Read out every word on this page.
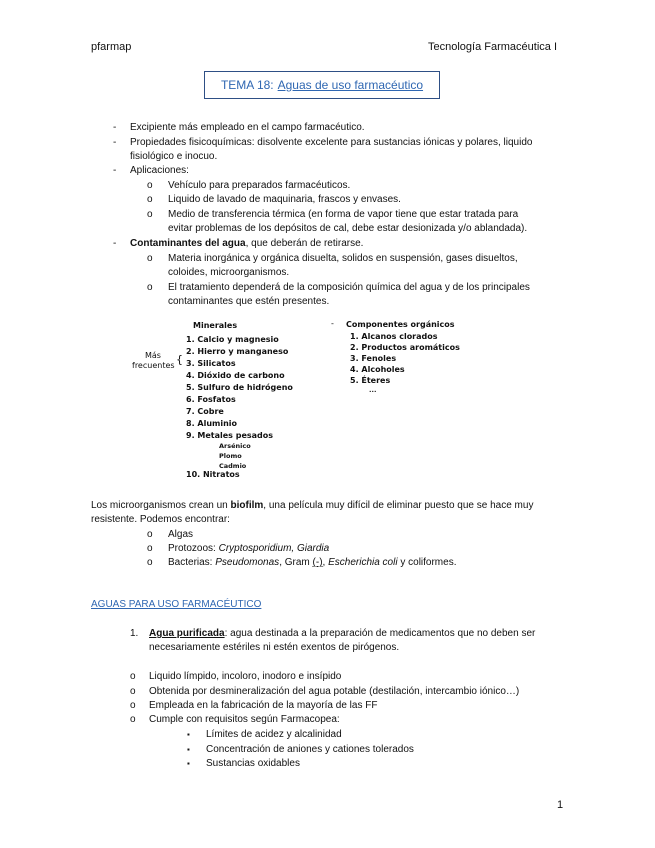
pfarmap	Tecnología Farmacéutica I
TEMA 18: Aguas de uso farmacéutico
- Excipiente más empleado en el campo farmacéutico.
- Propiedades fisicoquímicas: disolvente excelente para sustancias iónicas y polares, liquido
fisiológico e inocuo.
- Aplicaciones:
o Vehículo para preparados farmacéuticos.
o Liquido de lavado de maquinaria, frascos y envases.
o Medio de transferencia térmica (en forma de vapor tiene que estar tratada para
evitar problemas de los depósitos de cal, debe estar desionizada y/o ablandada).
- Contaminantes del agua, que deberán de retirarse.
o Materia inorgánica y orgánica disuelta, solidos en suspensión, gases disueltos,
coloides, microorganismos.
o El tratamiento dependerá de la composición química del agua y de los principales
contaminantes que estén presentes.
Minerales
Más
frecuentes {
1. Calcio y magnesio
2. Hierro y manganeso
3. Silicatos
4. Dióxido de carbono
5. Sulfuro de hidrógeno
6. Fosfatos
7. Cobre
8. Aluminio
9. Metales pesados
Arsénico
Plomo
Cadmio
10. Nitratos
- Componentes orgánicos
1. Alcanos clorados
2. Productos aromáticos
3. Fenoles
4. Alcoholes
5. Éteres
...
Los microorganismos crean un biofilm, una película muy difícil de eliminar puesto que se hace muy
resistente. Podemos encontrar:
o Algas
o Protozoos: Cryptosporidium, Giardia
o Bacterias: Pseudomonas, Gram (-), Escherichia coli y coliformes.
AGUAS PARA USO FARMACÉUTICO
1. Agua purificada: agua destinada a la preparación de medicamentos que no deben ser
necesariamente estériles ni estén exentos de pirógenos.
o Liquido límpido, incoloro, inodoro e insípido
o Obtenida por desmineralización del agua potable (destilación, intercambio iónico…)
o Empleada en la fabricación de la mayoría de las FF
o Cumple con requisitos según Farmacopea:
▪ Límites de acidez y alcalinidad
▪ Concentración de aniones y cationes tolerados
▪ Sustancias oxidables
1
